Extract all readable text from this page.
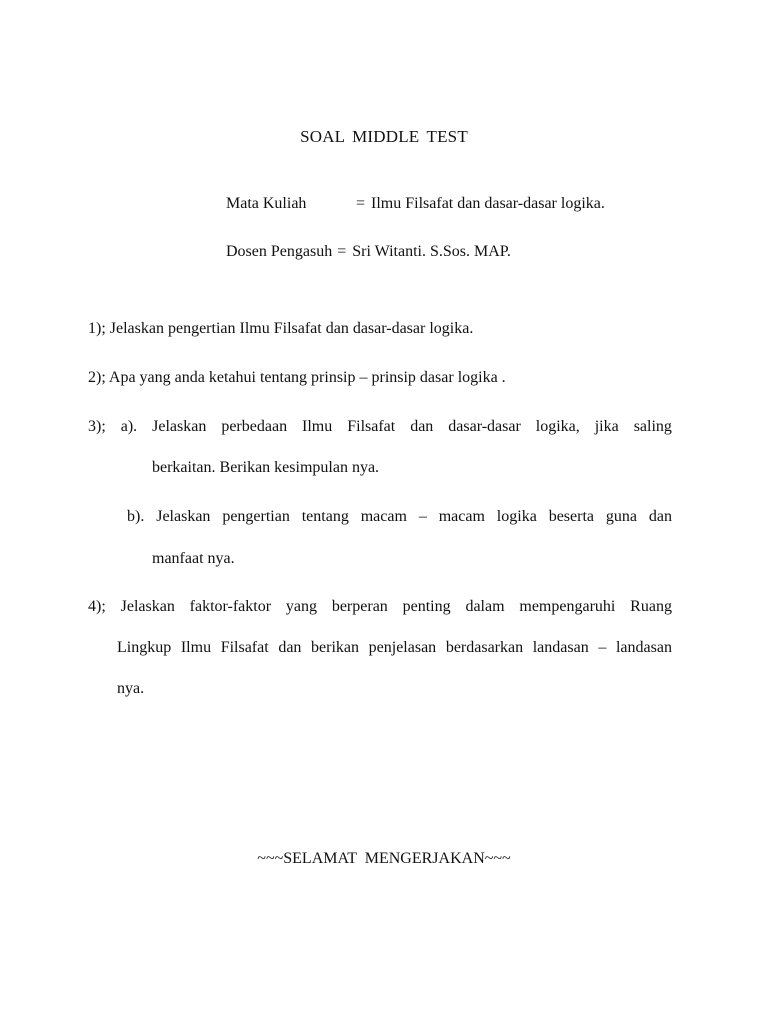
SOAL MIDDLE TEST
Mata Kuliah	= Ilmu Filsafat dan dasar-dasar logika.
Dosen Pengasuh = Sri Witanti. S.Sos. MAP.
1); Jelaskan pengertian Ilmu Filsafat dan dasar-dasar logika.
2); Apa yang anda ketahui tentang prinsip – prinsip dasar logika .
3); a). Jelaskan perbedaan Ilmu Filsafat dan dasar-dasar logika, jika saling
berkaitan. Berikan kesimpulan nya.
b). Jelaskan pengertian tentang macam – macam logika beserta guna dan
manfaat nya.
4); Jelaskan faktor-faktor yang berperan penting dalam mempengaruhi Ruang
Lingkup Ilmu Filsafat dan berikan penjelasan berdasarkan landasan – landasan
nya.
~~~SELAMAT MENGERJAKAN~~~
